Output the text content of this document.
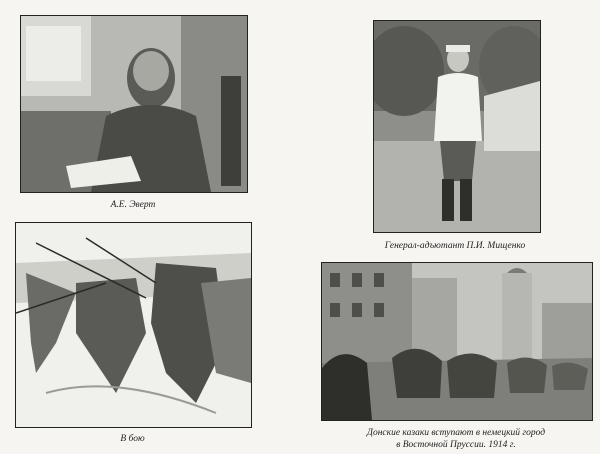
А.Е. Эверт
Генерал-адъютант П.И. Мищенко
В бою
Донские казаки вступают в немецкий город
в Восточной Пруссии. 1914 г.
